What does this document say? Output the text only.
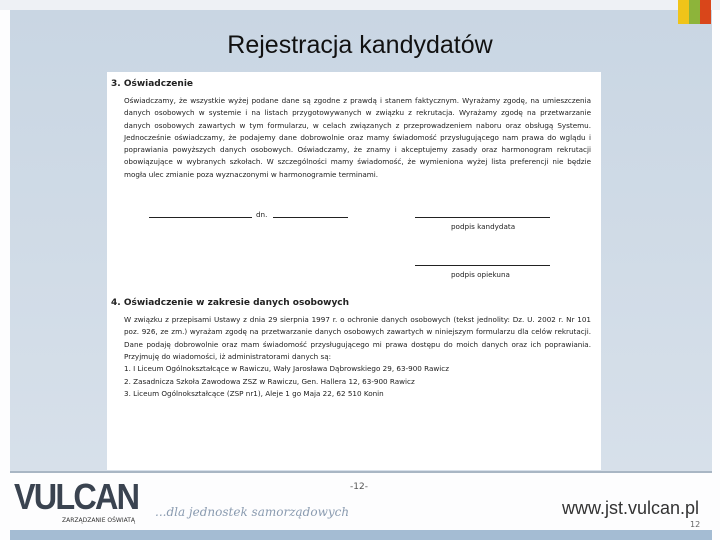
Rejestracja kandydatów
3. Oświadczenie
Oświadczamy, że wszystkie wyżej podane dane są zgodne z prawdą i stanem faktycznym. Wyrażamy zgodę, na umieszczenia danych osobowych w systemie i na listach przygotowywanych w związku z rekrutacja. Wyrażamy zgodę na przetwarzanie danych osobowych zawartych w tym formularzu, w celach związanych z przeprowadzeniem naboru oraz obsługą Systemu. Jednocześnie oświadczamy, że podajemy dane dobrowolnie oraz mamy świadomość przysługującego nam prawa do wglądu i poprawiania powyższych danych osobowych. Oświadczamy, że znamy i akceptujemy zasady oraz harmonogram rekrutacji obowiązujące w wybranych szkołach. W szczególności mamy świadomość, że wymieniona wyżej lista preferencji nie będzie mogła ulec zmianie poza wyznaczonymi w harmonogramie terminami.
dn.
podpis kandydata
podpis opiekuna
4. Oświadczenie w zakresie danych osobowych
W związku z przepisami Ustawy z dnia 29 sierpnia 1997 r. o ochronie danych osobowych (tekst jednolity: Dz. U. 2002 r. Nr 101 poz. 926, ze zm.) wyrażam zgodę na przetwarzanie danych osobowych zawartych w niniejszym formularzu dla celów rekrutacji. Dane podaję dobrowolnie oraz mam świadomość przysługującego mi prawa dostępu do moich danych oraz ich poprawiania. Przyjmuję do wiadomości, iż administratorami danych są:
1. I Liceum Ogólnokształcące w Rawiczu, Wały Jarosława Dąbrowskiego 29, 63-900 Rawicz
2. Zasadnicza Szkoła Zawodowa ZSZ w Rawiczu, Gen. Hallera 12, 63-900 Rawicz
3. Liceum Ogólnokształcące (ZSP nr1), Aleje 1 go Maja 22, 62 510 Konin
-12-
VULCAN
ZARZĄDZANIE OŚWIATĄ
...dla jednostek samorządowych	www.jst.vulcan.pl
12
